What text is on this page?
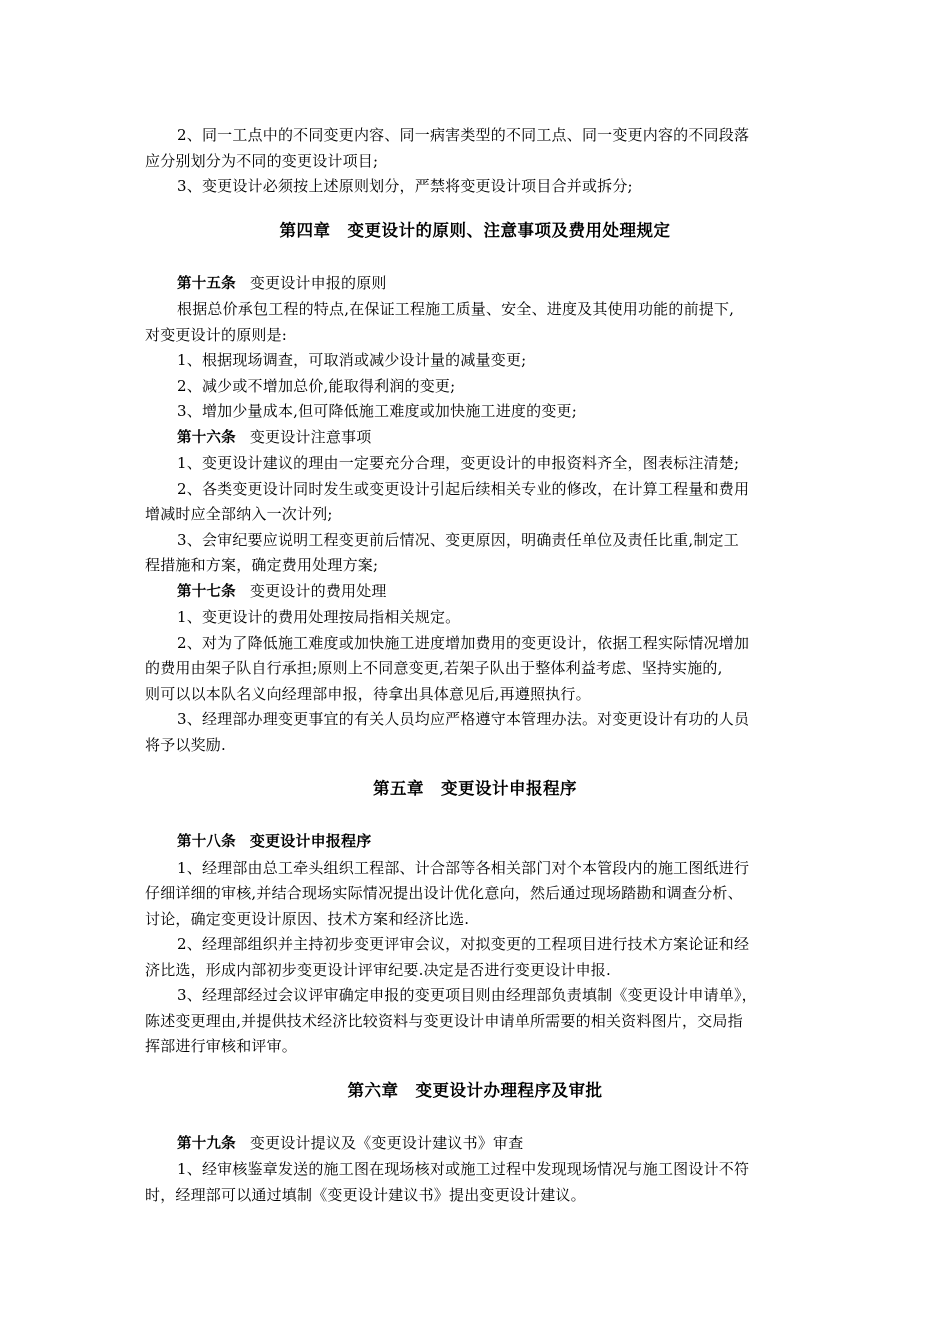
2、同一工点中的不同变更内容、同一病害类型的不同工点、同一变更内容的不同段落
应分别划分为不同的变更设计项目;
3、变更设计必须按上述原则划分，严禁将变更设计项目合并或拆分;
第四章　变更设计的原则、注意事项及费用处理规定
第十五条 变更设计申报的原则
根据总价承包工程的特点,在保证工程施工质量、安全、进度及其使用功能的前提下,
对变更设计的原则是:
1、根据现场调查，可取消或减少设计量的减量变更;
2、减少或不增加总价,能取得利润的变更;
3、增加少量成本,但可降低施工难度或加快施工进度的变更;
第十六条 变更设计注意事项
1、变更设计建议的理由一定要充分合理，变更设计的申报资料齐全，图表标注清楚;
2、各类变更设计同时发生或变更设计引起后续相关专业的修改，在计算工程量和费用
增减时应全部纳入一次计列;
3、会审纪要应说明工程变更前后情况、变更原因，明确责任单位及责任比重,制定工
程措施和方案，确定费用处理方案;
第十七条 变更设计的费用处理
1、变更设计的费用处理按局指相关规定。
2、对为了降低施工难度或加快施工进度增加费用的变更设计，依据工程实际情况增加
的费用由架子队自行承担;原则上不同意变更,若架子队出于整体利益考虑、坚持实施的,
则可以以本队名义向经理部申报，待拿出具体意见后,再遵照执行。
3、经理部办理变更事宜的有关人员均应严格遵守本管理办法。对变更设计有功的人员
将予以奖励.
第五章　变更设计申报程序
第十八条 变更设计申报程序
1、经理部由总工牵头组织工程部、计合部等各相关部门对个本管段内的施工图纸进行
仔细详细的审核,并结合现场实际情况提出设计优化意向，然后通过现场踏勘和调查分析、
讨论，确定变更设计原因、技术方案和经济比选.
2、经理部组织并主持初步变更评审会议，对拟变更的工程项目进行技术方案论证和经
济比选，形成内部初步变更设计评审纪要.决定是否进行变更设计申报.
3、经理部经过会议评审确定申报的变更项目则由经理部负责填制《变更设计申请单》，
陈述变更理由,并提供技术经济比较资料与变更设计申请单所需要的相关资料图片，交局指
挥部进行审核和评审。
第六章　变更设计办理程序及审批
第十九条 变更设计提议及《变更设计建议书》审查
1、经审核鉴章发送的施工图在现场核对或施工过程中发现现场情况与施工图设计不符
时，经理部可以通过填制《变更设计建议书》提出变更设计建议。
